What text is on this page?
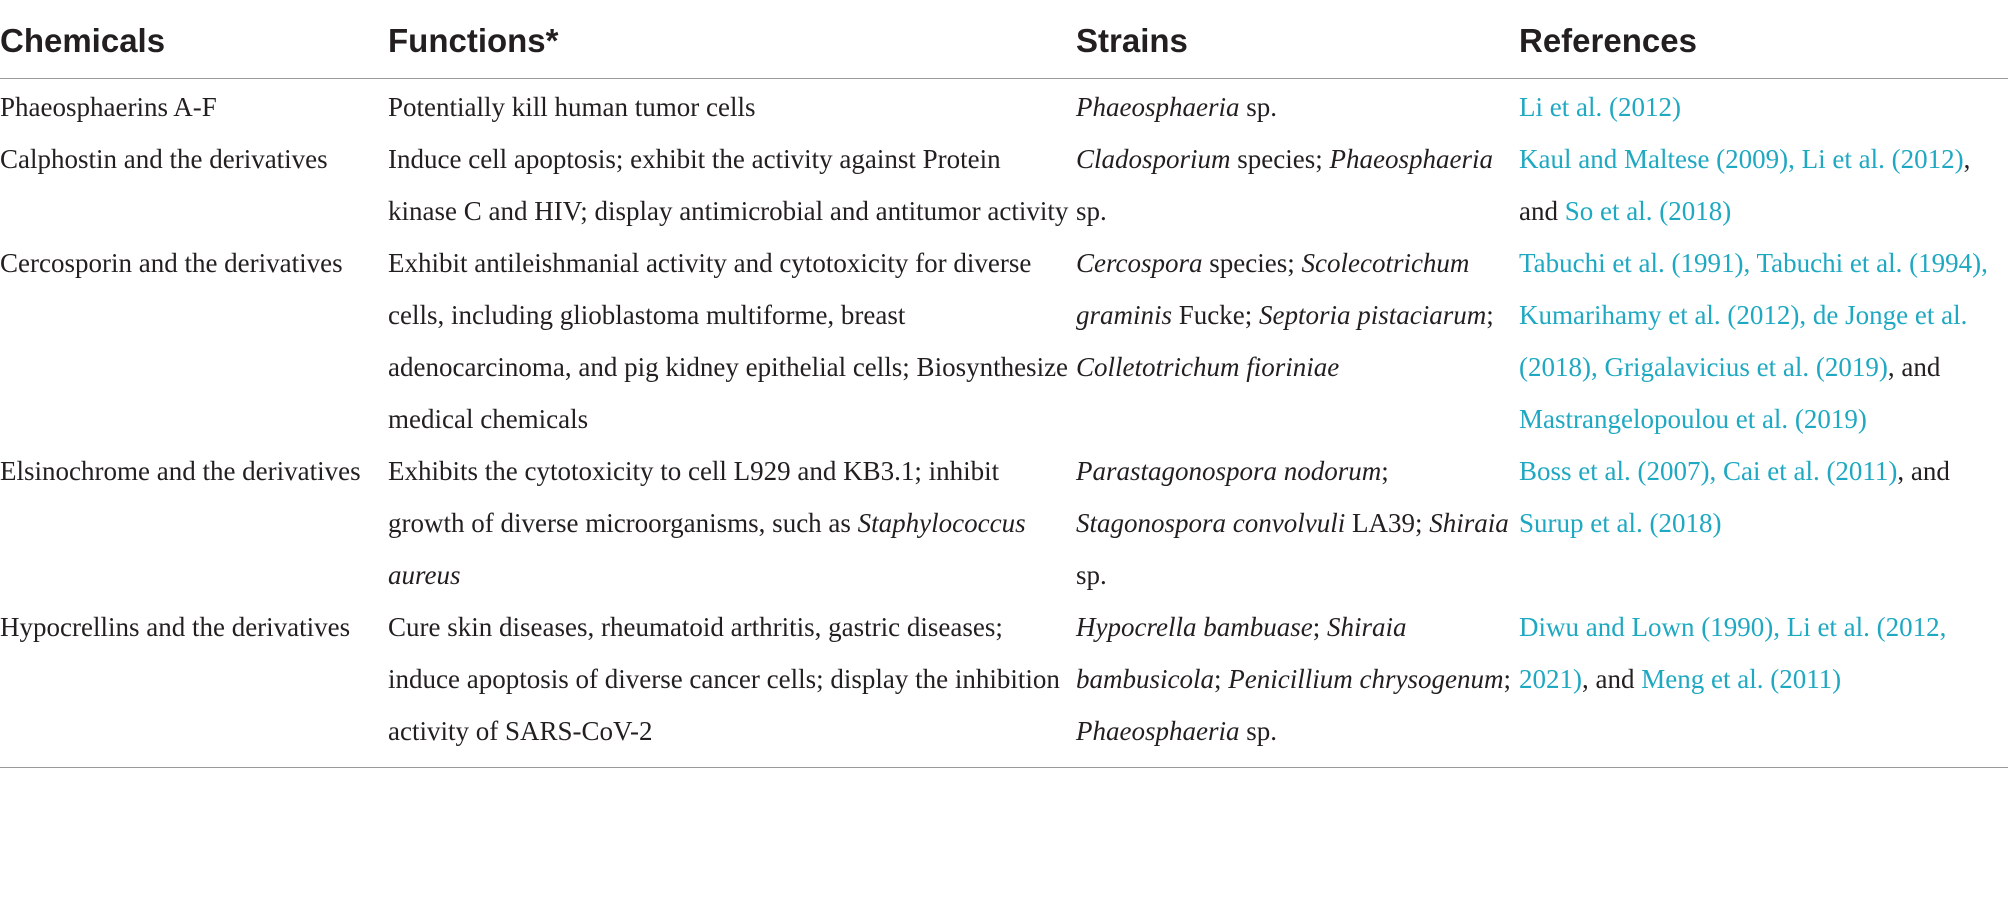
Chemicals	Functions*	Strains	References
Phaeosphaerins A-F	Potentially kill human tumor cells	Phaeosphaeria sp.	Li et al. (2012)
Calphostin and the derivatives	Induce cell apoptosis; exhibit the activity against Protein kinase C and HIV; display antimicrobial and antitumor activity	Cladosporium species; Phaeosphaeria sp.	Kaul and Maltese (2009), Li et al. (2012), and So et al. (2018)
Cercosporin and the derivatives	Exhibit antileishmanial activity and cytotoxicity for diverse cells, including glioblastoma multiforme, breast adenocarcinoma, and pig kidney epithelial cells; Biosynthesize medical chemicals	Cercospora species; Scolecotrichum graminis Fucke; Septoria pistaciarum; Colletotrichum fioriniae	Tabuchi et al. (1991), Tabuchi et al. (1994), Kumarihamy et al. (2012), de Jonge et al. (2018), Grigalavicius et al. (2019), and Mastrangelopoulou et al. (2019)
Elsinochrome and the derivatives	Exhibits the cytotoxicity to cell L929 and KB3.1; inhibit growth of diverse microorganisms, such as Staphylococcus aureus	Parastagonospora nodorum; Stagonospora convolvuli LA39; Shiraia sp.	Boss et al. (2007), Cai et al. (2011), and Surup et al. (2018)
Hypocrellins and the derivatives	Cure skin diseases, rheumatoid arthritis, gastric diseases; induce apoptosis of diverse cancer cells; display the inhibition activity of SARS-CoV-2	Hypocrella bambuase; Shiraia bambusicola; Penicillium chrysogenum; Phaeosphaeria sp.	Diwu and Lown (1990), Li et al. (2012, 2021), and Meng et al. (2011)
